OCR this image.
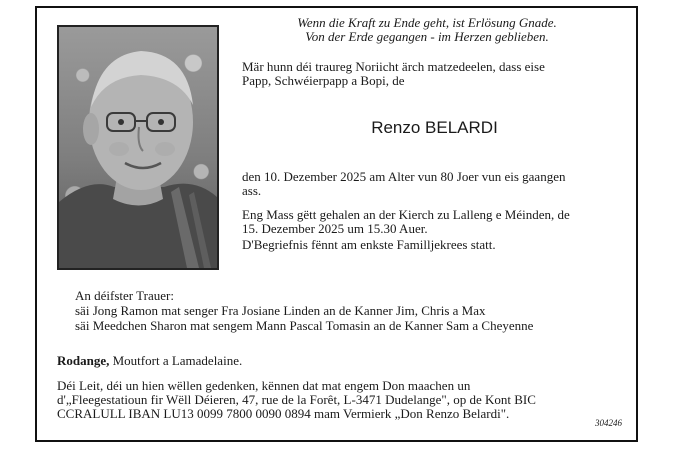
Wenn die Kraft zu Ende geht, ist Erlösung Gnade.
Von der Erde gegangen - im Herzen geblieben.
Mär hunn déi traureg Noriicht ärch matzedeelen, dass eise
Papp, Schwéierpapp a Bopi, de
Renzo BELARDI
den 10. Dezember 2025 am Alter vun 80 Joer vun eis gaangen
ass.
Eng Mass gëtt gehalen an der Kierch zu Lalleng e Méinden, de
15. Dezember 2025 um 15.30 Auer.
D'Begriefnis fënnt am enkste Familljekrees statt.
An déifster Trauer:
säi Jong Ramon mat senger Fra Josiane Linden an de Kanner Jim, Chris a Max
säi Meedchen Sharon mat sengem Mann Pascal Tomasin an de Kanner Sam a Cheyenne
Rodange, Moutfort a Lamadelaine.
Déi Leit, déi un hien wëllen gedenken, kënnen dat mat engem Don maachen un
d'„Fleegestatioun fir Wëll Déieren, 47, rue de la Forêt, L-3471 Dudelange", op de Kont BIC
CCRALULL IBAN LU13 0099 7800 0090 0894 mam Vermierk „Don Renzo Belardi".
304246
